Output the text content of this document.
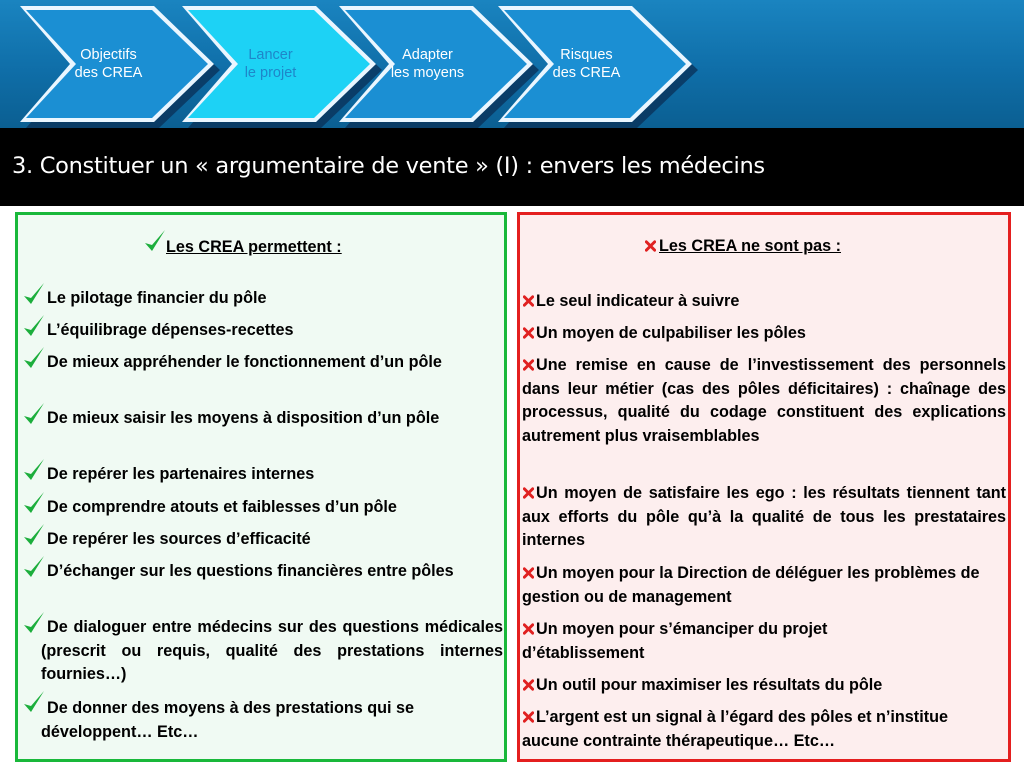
Objectifs
des CREA
Lancer
le projet
Adapter
les moyens
Risques
des CREA
3. Constituer un « argumentaire de vente » (I) : envers les médecins
Les CREA permettent :
Le pilotage financier du pôle
L’équilibrage dépenses-recettes
De mieux appréhender le fonctionnement d’un pôle
De mieux saisir les moyens à disposition d’un pôle
De repérer les partenaires internes
De comprendre atouts et faiblesses d’un pôle
De repérer les sources d’efficacité
D’échanger sur les questions financières entre pôles
De dialoguer entre médecins sur des questions médicales (prescrit ou requis, qualité des prestations internes fournies…)
De donner des moyens à des prestations qui se développent… Etc…
Les CREA ne sont pas :
Le seul indicateur à suivre
Un moyen de culpabiliser les pôles
Une remise en cause de l’investissement des personnels dans leur métier (cas des pôles déficitaires) : chaînage des processus, qualité du codage constituent des explications autrement plus vraisemblables
Un moyen de satisfaire les ego : les résultats tiennent tant aux efforts du pôle qu’à la qualité de tous les prestataires internes
Un moyen pour la Direction de déléguer les problèmes de gestion ou de management
Un moyen pour s’émanciper du projet d’établissement
Un outil pour maximiser les résultats du pôle
L’argent est un signal à l’égard des pôles et n’institue aucune contrainte thérapeutique… Etc…
